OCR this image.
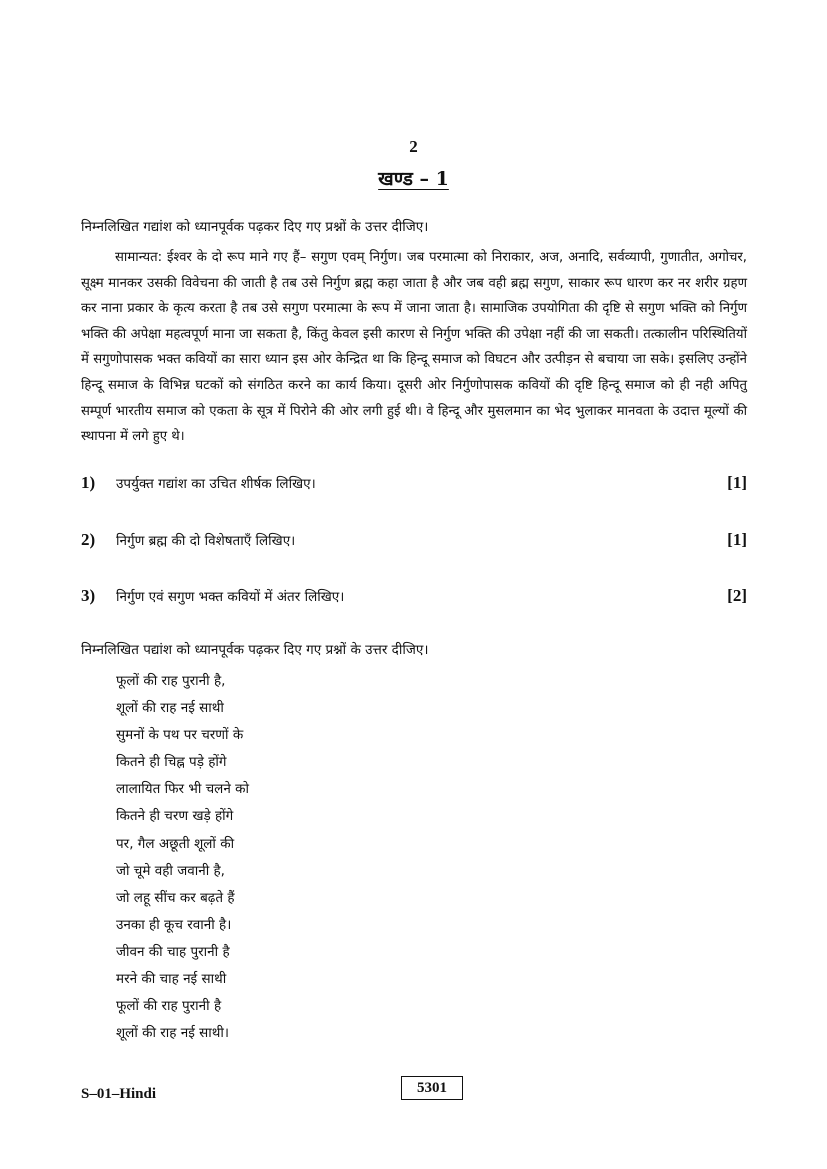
2
खण्ड – 1
निम्नलिखित गद्यांश को ध्यानपूर्वक पढ़कर दिए गए प्रश्नों के उत्तर दीजिए।

सामान्यत: ईश्वर के दो रूप माने गए हैं– सगुण एवम् निर्गुण। जब परमात्मा को निराकार, अज, अनादि, सर्वव्यापी, गुणातीत, अगोचर, सूक्ष्म मानकर उसकी विवेचना की जाती है तब उसे निर्गुण ब्रह्म कहा जाता है और जब वही ब्रह्म सगुण, साकार रूप धारण कर नर शरीर ग्रहण कर नाना प्रकार के कृत्य करता है तब उसे सगुण परमात्मा के रूप में जाना जाता है। सामाजिक उपयोगिता की दृष्टि से सगुण भक्ति को निर्गुण भक्ति की अपेक्षा महत्वपूर्ण माना जा सकता है, किंतु केवल इसी कारण से निर्गुण भक्ति की उपेक्षा नहीं की जा सकती। तत्कालीन परिस्थितियों में सगुणोपासक भक्त कवियों का सारा ध्यान इस ओर केन्द्रित था कि हिन्दू समाज को विघटन और उत्पीड़न से बचाया जा सके। इसलिए उन्होंने हिन्दू समाज के विभिन्न घटकों को संगठित करने का कार्य किया। दूसरी ओर निर्गुणोपासक कवियों की दृष्टि हिन्दू समाज को ही नही अपितु सम्पूर्ण भारतीय समाज को एकता के सूत्र में पिरोने की ओर लगी हुई थी। वे हिन्दू और मुसलमान का भेद भुलाकर मानवता के उदात्त मूल्यों की स्थापना में लगे हुए थे।

1) उपर्युक्त गद्यांश का उचित शीर्षक लिखिए।	[1]
2) निर्गुण ब्रह्म की दो विशेषताएँ लिखिए।	[1]
3) निर्गुण एवं सगुण भक्त कवियों में अंतर लिखिए।	[2]
निम्नलिखित पद्यांश को ध्यानपूर्वक पढ़कर दिए गए प्रश्नों के उत्तर दीजिए।
फूलों की राह पुरानी है,
शूलों की राह नई साथी
सुमनों के पथ पर चरणों के
कितने ही चिह्न पड़े होंगे
लालायित फिर भी चलने को
कितने ही चरण खड़े होंगे
पर, गैल अछूती शूलों की
जो चूमे वही जवानी है,
जो लहू सींच कर बढ़ते हैं
उनका ही कूच रवानी है।
जीवन की चाह पुरानी है
मरने की चाह नई साथी
फूलों की राह पुरानी है
शूलों की राह नई साथी।
S–01–Hindi	5301
